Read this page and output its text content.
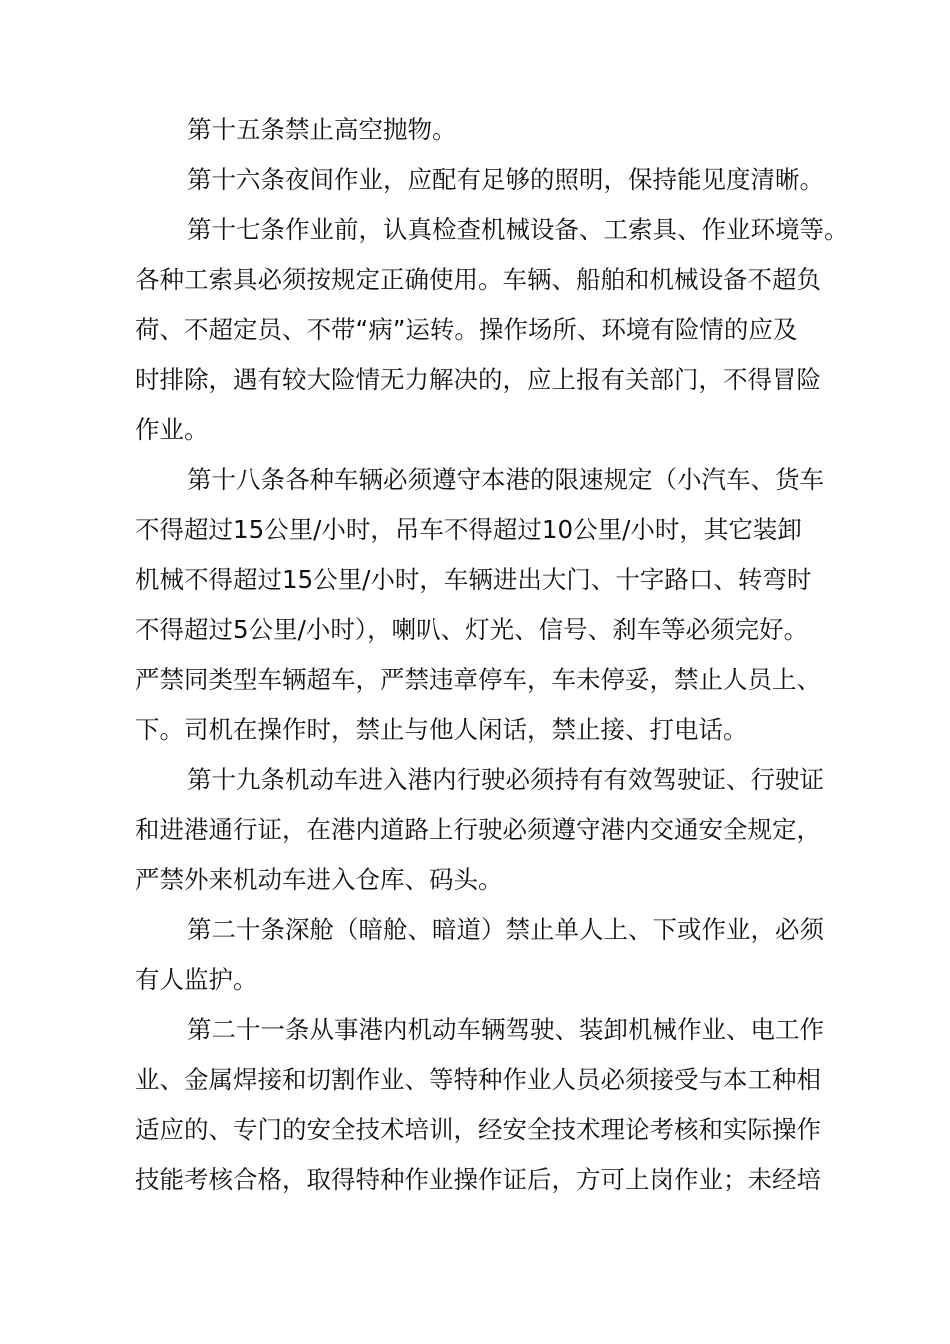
第十五条禁止高空抛物。
第十六条夜间作业，应配有足够的照明，保持能见度清晰。
第十七条作业前，认真检查机械设备、工索具、作业环境等。
各种工索具必须按规定正确使用。车辆、船舶和机械设备不超负
荷、不超定员、不带“病”运转。操作场所、环境有险情的应及
时排除，遇有较大险情无力解决的，应上报有关部门，不得冒险
作业。
第十八条各种车辆必须遵守本港的限速规定（小汽车、货车
不得超过15公里/小时，吊车不得超过10公里/小时，其它装卸
机械不得超过15公里/小时，车辆进出大门、十字路口、转弯时
不得超过5公里/小时），喇叭、灯光、信号、刹车等必须完好。
严禁同类型车辆超车，严禁违章停车，车未停妥，禁止人员上、
下。司机在操作时，禁止与他人闲话，禁止接、打电话。
第十九条机动车进入港内行驶必须持有有效驾驶证、行驶证
和进港通行证，在港内道路上行驶必须遵守港内交通安全规定，
严禁外来机动车进入仓库、码头。
第二十条深舱（暗舱、暗道）禁止单人上、下或作业，必须
有人监护。
第二十一条从事港内机动车辆驾驶、装卸机械作业、电工作
业、金属焊接和切割作业、等特种作业人员必须接受与本工种相
适应的、专门的安全技术培训，经安全技术理论考核和实际操作
技能考核合格，取得特种作业操作证后，方可上岗作业；未经培
